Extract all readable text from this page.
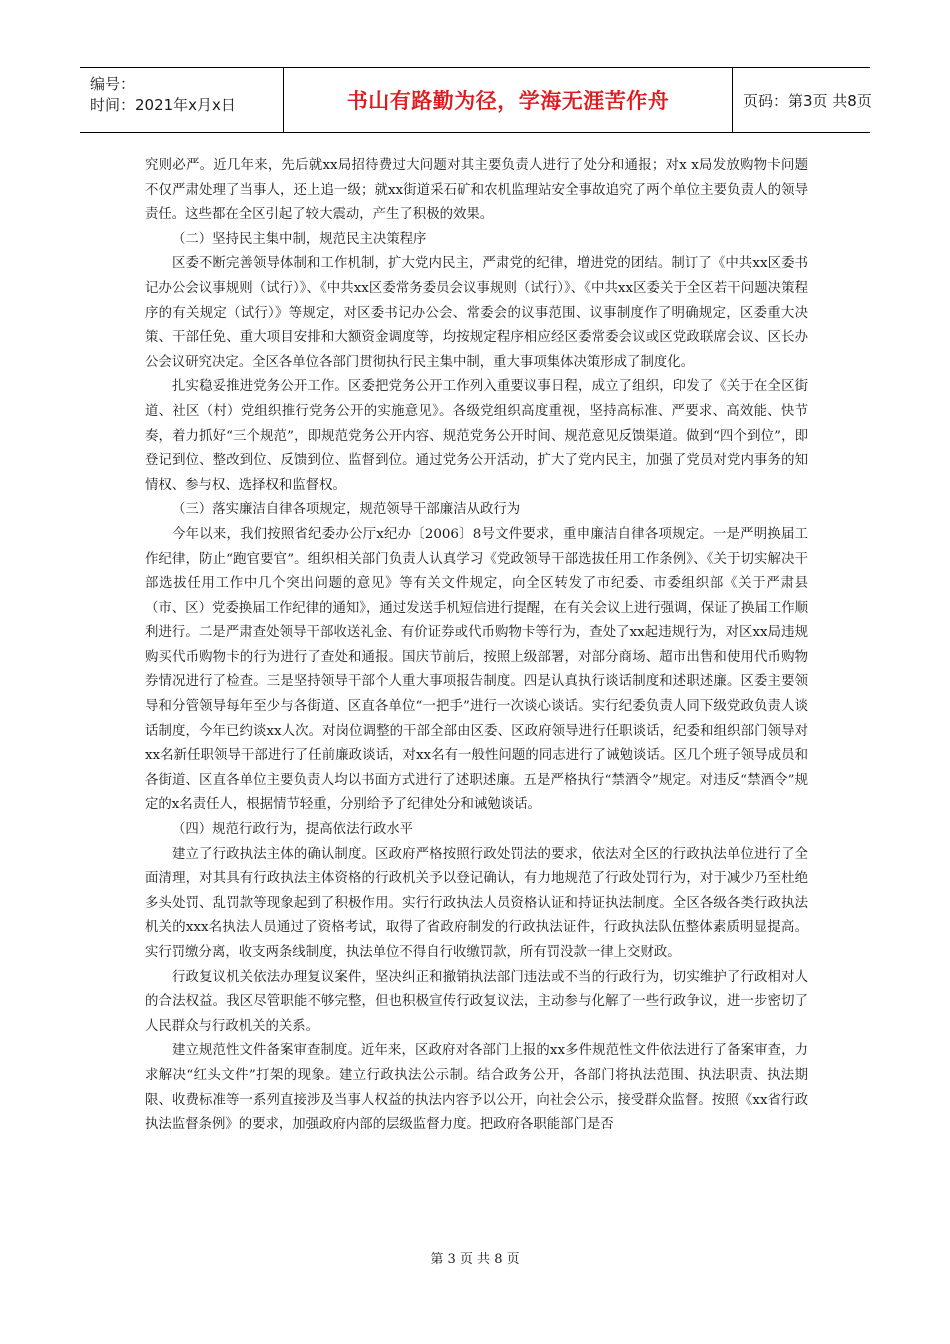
编号：
时间：2021年x月x日	书山有路勤为径，学海无涯苦作舟	页码：第3页 共8页

究则必严。近几年来，先后就xx局招待费过大问题对其主要负责人进行了处分和通报；对x x局发放购物卡问题不仅严肃处理了当事人，还上追一级；就xx街道采石矿和农机监理站安全事故追究了两个单位主要负责人的领导责任。这些都在全区引起了较大震动，产生了积极的效果。

（二）坚持民主集中制，规范民主决策程序

区委不断完善领导体制和工作机制，扩大党内民主，严肃党的纪律，增进党的团结。制订了《中共xx区委书记办公会议事规则（试行）》、《中共xx区委常务委员会议事规则（试行）》、《中共xx区委关于全区若干问题决策程序的有关规定（试行）》等规定，对区委书记办公会、常委会的议事范围、议事制度作了明确规定，区委重大决策、干部任免、重大项目安排和大额资金调度等，均按规定程序相应经区委常委会议或区党政联席会议、区长办公会议研究决定。全区各单位各部门贯彻执行民主集中制，重大事项集体决策形成了制度化。

扎实稳妥推进党务公开工作。区委把党务公开工作列入重要议事日程，成立了组织，印发了《关于在全区街道、社区（村）党组织推行党务公开的实施意见》。各级党组织高度重视，坚持高标准、严要求、高效能、快节奏，着力抓好“三个规范”，即规范党务公开内容、规范党务公开时间、规范意见反馈渠道。做到“四个到位”，即登记到位、整改到位、反馈到位、监督到位。通过党务公开活动，扩大了党内民主，加强了党员对党内事务的知情权、参与权、选择权和监督权。

（三）落实廉洁自律各项规定，规范领导干部廉洁从政行为

今年以来，我们按照省纪委办公厅x纪办〔2006〕8号文件要求，重申廉洁自律各项规定。一是严明换届工作纪律，防止“跑官要官”。组织相关部门负责人认真学习《党政领导干部选拔任用工作条例》、《关于切实解决干部选拔任用工作中几个突出问题的意见》等有关文件规定，向全区转发了市纪委、市委组织部《关于严肃县（市、区）党委换届工作纪律的通知》，通过发送手机短信进行提醒，在有关会议上进行强调，保证了换届工作顺利进行。二是严肃查处领导干部收送礼金、有价证券或代币购物卡等行为，查处了xx起违规行为，对区xx局违规购买代币购物卡的行为进行了查处和通报。国庆节前后，按照上级部署，对部分商场、超市出售和使用代币购物券情况进行了检查。三是坚持领导干部个人重大事项报告制度。四是认真执行谈话制度和述职述廉。区委主要领导和分管领导每年至少与各街道、区直各单位“一把手”进行一次谈心谈话。实行纪委负责人同下级党政负责人谈话制度，今年已约谈xx人次。对岗位调整的干部全部由区委、区政府领导进行任职谈话，纪委和组织部门领导对xx名新任职领导干部进行了任前廉政谈话，对xx名有一般性问题的同志进行了诫勉谈话。区几个班子领导成员和各街道、区直各单位主要负责人均以书面方式进行了述职述廉。五是严格执行“禁酒令”规定。对违反“禁酒令”规定的x名责任人，根据情节轻重，分别给予了纪律处分和诫勉谈话。

（四）规范行政行为，提高依法行政水平

建立了行政执法主体的确认制度。区政府严格按照行政处罚法的要求，依法对全区的行政执法单位进行了全面清理，对其具有行政执法主体资格的行政机关予以登记确认，有力地规范了行政处罚行为，对于减少乃至杜绝多头处罚、乱罚款等现象起到了积极作用。实行行政执法人员资格认证和持证执法制度。全区各级各类行政执法机关的xxx名执法人员通过了资格考试，取得了省政府制发的行政执法证件，行政执法队伍整体素质明显提高。实行罚缴分离，收支两条线制度，执法单位不得自行收缴罚款，所有罚没款一律上交财政。

行政复议机关依法办理复议案件，坚决纠正和撤销执法部门违法或不当的行政行为，切实维护了行政相对人的合法权益。我区尽管职能不够完整，但也积极宣传行政复议法，主动参与化解了一些行政争议，进一步密切了人民群众与行政机关的关系。

建立规范性文件备案审查制度。近年来，区政府对各部门上报的xx多件规范性文件依法进行了备案审查，力求解决“红头文件”打架的现象。建立行政执法公示制。结合政务公开，各部门将执法范围、执法职责、执法期限、收费标准等一系列直接涉及当事人权益的执法内容予以公开，向社会公示，接受群众监督。按照《xx省行政执法监督条例》的要求，加强政府内部的层级监督力度。把政府各职能部门是否

第 3 页 共 8 页
